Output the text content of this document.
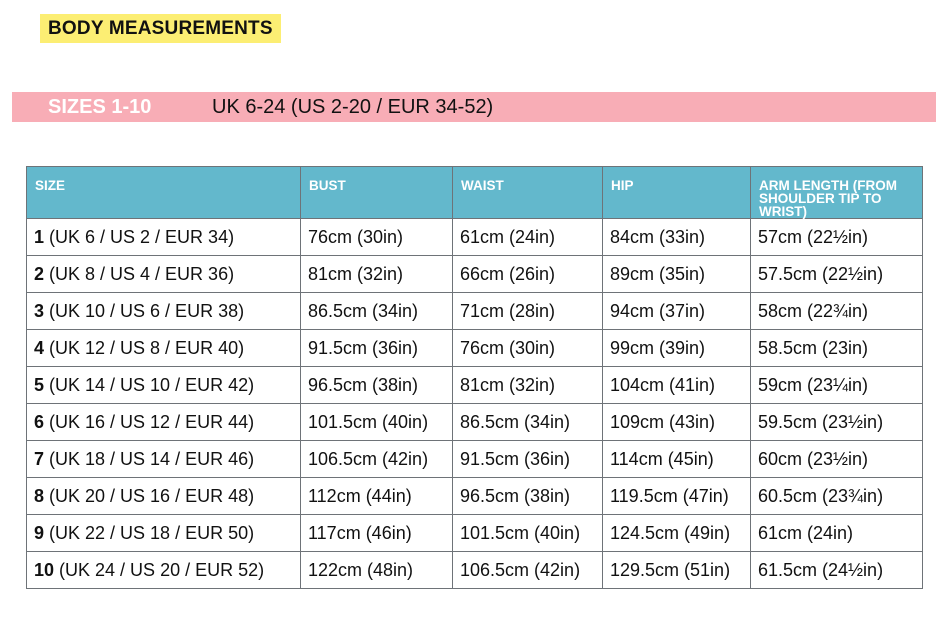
BODY MEASUREMENTS
SIZES 1-10	UK 6-24 (US 2-20 / EUR 34-52)
SIZE	BUST	WAIST	HIP	ARM LENGTH (FROM SHOULDER TIP TO WRIST)
1 (UK 6 / US 2 / EUR 34)	76cm (30in)	61cm (24in)	84cm (33in)	57cm (22½in)
2 (UK 8 / US 4 / EUR 36)	81cm (32in)	66cm (26in)	89cm (35in)	57.5cm (22½in)
3 (UK 10 / US 6 / EUR 38)	86.5cm (34in)	71cm (28in)	94cm (37in)	58cm (22¾in)
4 (UK 12 / US 8 / EUR 40)	91.5cm (36in)	76cm (30in)	99cm (39in)	58.5cm (23in)
5 (UK 14 / US 10 / EUR 42)	96.5cm (38in)	81cm (32in)	104cm (41in)	59cm (23¼in)
6 (UK 16 / US 12 / EUR 44)	101.5cm (40in)	86.5cm (34in)	109cm (43in)	59.5cm (23½in)
7 (UK 18 / US 14 / EUR 46)	106.5cm (42in)	91.5cm (36in)	114cm (45in)	60cm (23½in)
8 (UK 20 / US 16 / EUR 48)	112cm (44in)	96.5cm (38in)	119.5cm (47in)	60.5cm (23¾in)
9 (UK 22 / US 18 / EUR 50)	117cm (46in)	101.5cm (40in)	124.5cm (49in)	61cm (24in)
10 (UK 24 / US 20 / EUR 52)	122cm (48in)	106.5cm (42in)	129.5cm (51in)	61.5cm (24½in)
